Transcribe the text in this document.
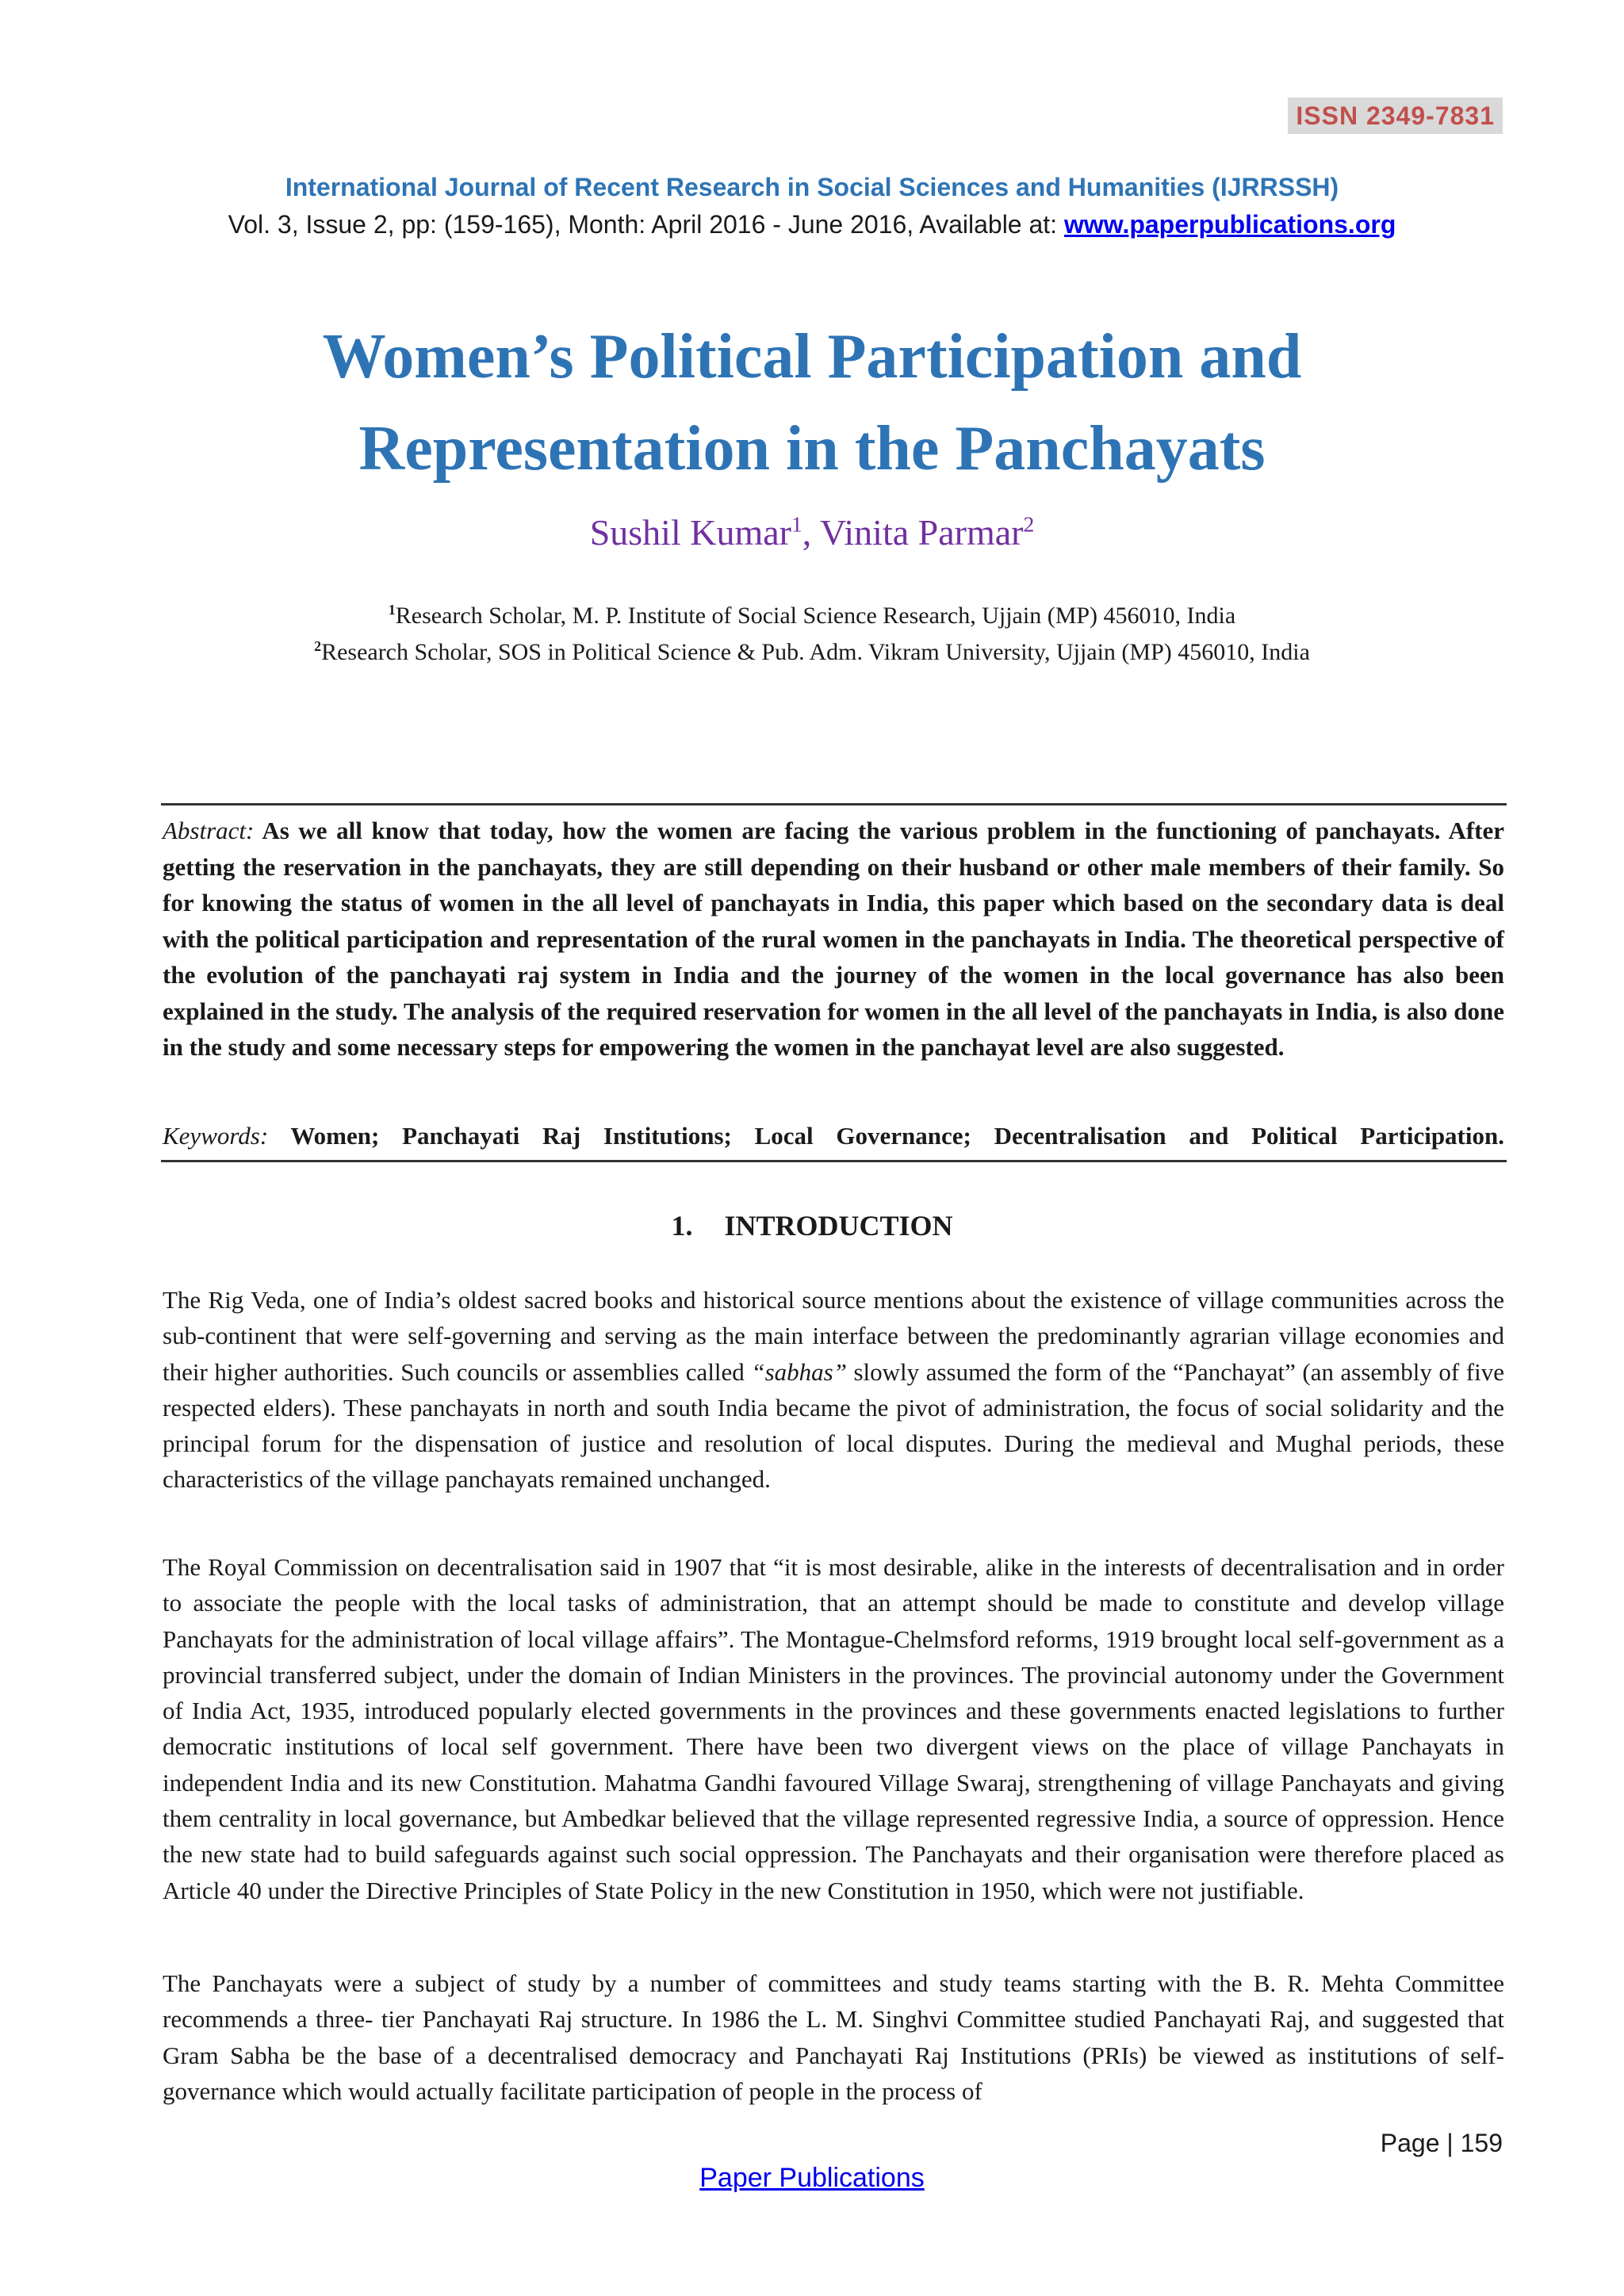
ISSN 2349-7831
International Journal of Recent Research in Social Sciences and Humanities (IJRRSSH)
Vol. 3, Issue 2, pp: (159-165), Month: April 2016 - June 2016, Available at: www.paperpublications.org
Women’s Political Participation and
Representation in the Panchayats
Sushil Kumar$^1$, Vinita Parmar$^2$
$^1$Research Scholar, M. P. Institute of Social Science Research, Ujjain (MP) 456010, India
$^2$Research Scholar, SOS in Political Science & Pub. Adm. Vikram University, Ujjain (MP) 456010, India
Abstract: As we all know that today, how the women are facing the various problem in the functioning of panchayats. After getting the reservation in the panchayats, they are still depending on their husband or other male members of their family. So for knowing the status of women in the all level of panchayats in India, this paper which based on the secondary data is deal with the political participation and representation of the rural women in the panchayats in India. The theoretical perspective of the evolution of the panchayati raj system in India and the journey of the women in the local governance has also been explained in the study. The analysis of the required reservation for women in the all level of the panchayats in India, is also done in the study and some necessary steps for empowering the women in the panchayat level are also suggested.
Keywords: Women; Panchayati Raj Institutions; Local Governance; Decentralisation and Political Participation.
1. INTRODUCTION
The Rig Veda, one of India’s oldest sacred books and historical source mentions about the existence of village communities across the sub-continent that were self-governing and serving as the main interface between the predominantly agrarian village economies and their higher authorities. Such councils or assemblies called “sabhas” slowly assumed the form of the “Panchayat” (an assembly of five respected elders). These panchayats in north and south India became the pivot of administration, the focus of social solidarity and the principal forum for the dispensation of justice and resolution of local disputes. During the medieval and Mughal periods, these characteristics of the village panchayats remained unchanged.
The Royal Commission on decentralisation said in 1907 that “it is most desirable, alike in the interests of decentralisation and in order to associate the people with the local tasks of administration, that an attempt should be made to constitute and develop village Panchayats for the administration of local village affairs”. The Montague-Chelmsford reforms, 1919 brought local self-government as a provincial transferred subject, under the domain of Indian Ministers in the provinces. The provincial autonomy under the Government of India Act, 1935, introduced popularly elected governments in the provinces and these governments enacted legislations to further democratic institutions of local self government. There have been two divergent views on the place of village Panchayats in independent India and its new Constitution. Mahatma Gandhi favoured Village Swaraj, strengthening of village Panchayats and giving them centrality in local governance, but Ambedkar believed that the village represented regressive India, a source of oppression. Hence the new state had to build safeguards against such social oppression. The Panchayats and their organisation were therefore placed as Article 40 under the Directive Principles of State Policy in the new Constitution in 1950, which were not justifiable.
The Panchayats were a subject of study by a number of committees and study teams starting with the B. R. Mehta Committee recommends a three- tier Panchayati Raj structure. In 1986 the L. M. Singhvi Committee studied Panchayati Raj, and suggested that Gram Sabha be the base of a decentralised democracy and Panchayati Raj Institutions (PRIs) be viewed as institutions of self-governance which would actually facilitate participation of people in the process of
Page | 159
Paper Publications
